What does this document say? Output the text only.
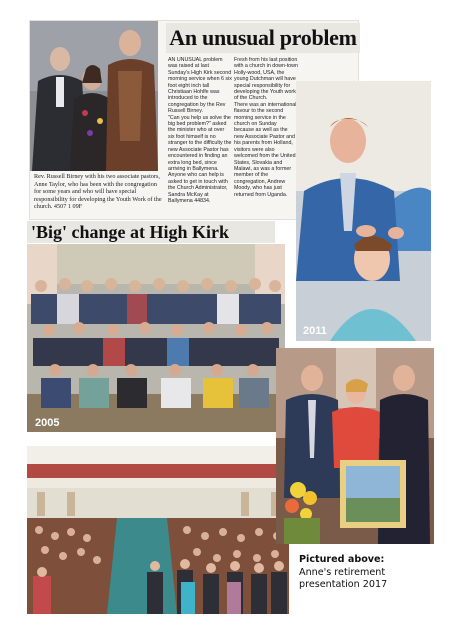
Rev. Russell Birney with his two associate pastors, Anne Taylor, who has been with the congregation for some years and who will have special responsibility for developing the Youth Work of the church. 4507 1 09F
An unusual problem
AN UNUSUAL problem was raised at last Sunday's High Kirk second morning service when 6 six foot eight inch tall Christiaan Hohlfe was introduced to the congregation by the Rev Russell Birney.
"Can you help us solve the big bed problem?" asked the minister who at over six foot himself is no stranger to the difficulty the new Associate Pastor has encountered in finding an extra long bed, since arriving in Ballymena.
Anyone who can help is asked to get in touch with the Church Administrator, Sandra McKay at Ballymena 44834.
Fresh from his last position with a church in down-town Holly-wood, USA, the young Dutchman will have special responsibility for developing the Youth work of the Church.
There was an international flavour to the second morning service in the church on Sunday because as well as the new Associate Pastor and his parents from Holland, visitors were also welcomed from the United States, Slovakia and Malawi, as was a former member of the congregation, Andrew Moody, who has just returned from Uganda.
'Big' change at High Kirk
2005
2011
Pictured above:
Anne's retirement presentation 2017
